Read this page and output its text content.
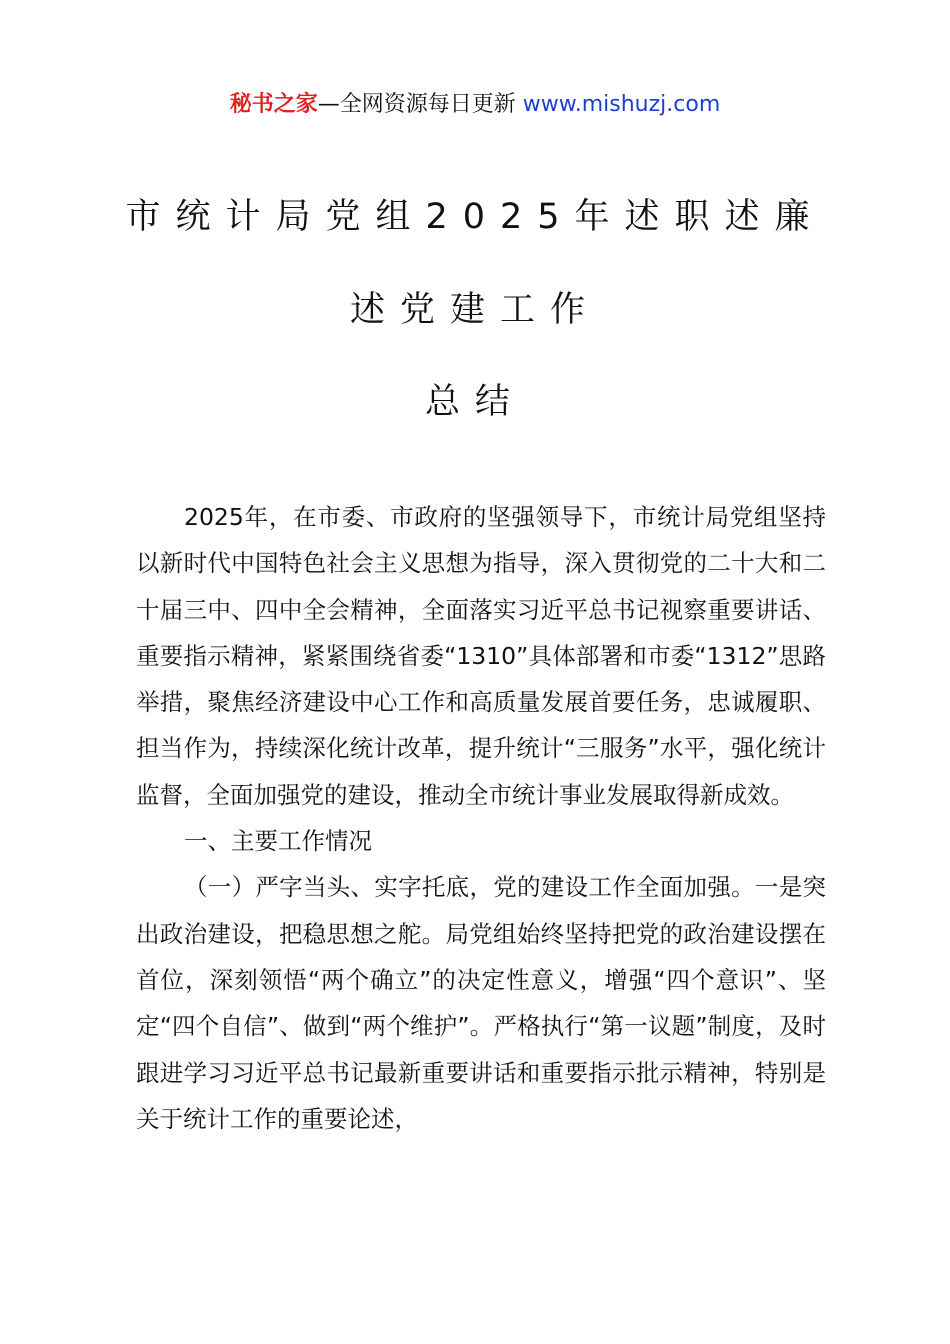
秘书之家—全网资源每日更新 www.mishuzj.com
市统计局党组2025年述职述廉
述党建工作
总结

2025年，在市委、市政府的坚强领导下，市统计局党组坚持以新时代中国特色社会主义思想为指导，深入贯彻党的二十大和二十届三中、四中全会精神，全面落实习近平总书记视察重要讲话、重要指示精神，紧紧围绕省委“1310”具体部署和市委“1312”思路举措，聚焦经济建设中心工作和高质量发展首要任务，忠诚履职、担当作为，持续深化统计改革，提升统计“三服务”水平，强化统计监督，全面加强党的建设，推动全市统计事业发展取得新成效。

一、主要工作情况

（一）严字当头、实字托底，党的建设工作全面加强。一是突出政治建设，把稳思想之舵。局党组始终坚持把党的政治建设摆在首位，深刻领悟“两个确立”的决定性意义，增强“四个意识”、坚定“四个自信”、做到“两个维护”。严格执行“第一议题”制度，及时跟进学习习近平总书记最新重要讲话和重要指示批示精神，特别是关于统计工作的重要论述，
